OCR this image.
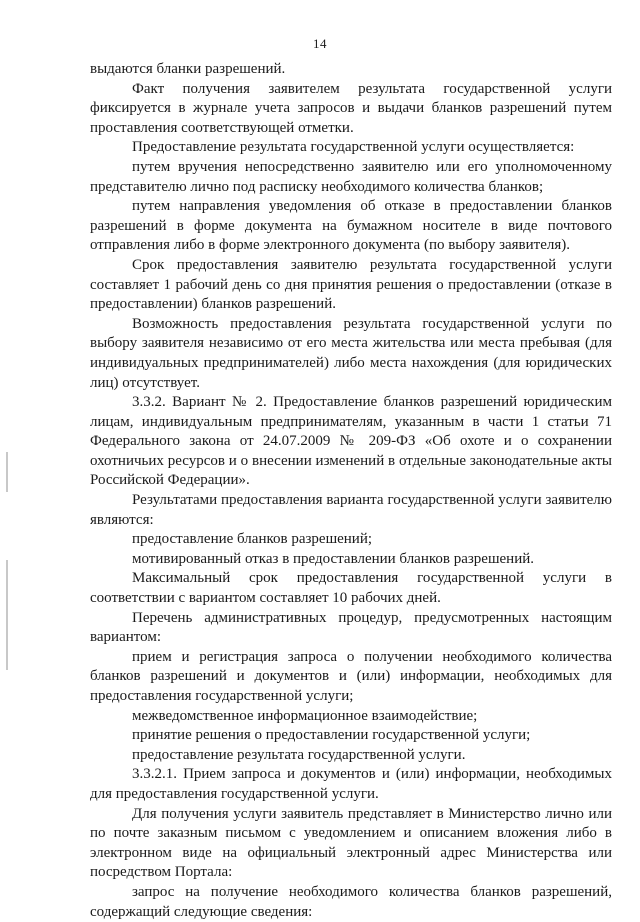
14

выдаются бланки разрешений.

Факт получения заявителем результата государственной услуги фиксируется в журнале учета запросов и выдачи бланков разрешений путем проставления соответствующей отметки.

Предоставление результата государственной услуги осуществляется:

путем вручения непосредственно заявителю или его уполномоченному представителю лично под расписку необходимого количества бланков;

путем направления уведомления об отказе в предоставлении бланков разрешений в форме документа на бумажном носителе в виде почтового отправления либо в форме электронного документа (по выбору заявителя).

Срок предоставления заявителю результата государственной услуги составляет 1 рабочий день со дня принятия решения о предоставлении (отказе в предоставлении) бланков разрешений.

Возможность предоставления результата государственной услуги по выбору заявителя независимо от его места жительства или места пребывая (для индивидуальных предпринимателей) либо места нахождения (для юридических лиц) отсутствует.

3.3.2. Вариант № 2. Предоставление бланков разрешений юридическим лицам, индивидуальным предпринимателям, указанным в части 1 статьи 71 Федерального закона от 24.07.2009 № 209-ФЗ «Об охоте и о сохранении охотничьих ресурсов и о внесении изменений в отдельные законодательные акты Российской Федерации».

Результатами предоставления варианта государственной услуги заявителю являются:

предоставление бланков разрешений;

мотивированный отказ в предоставлении бланков разрешений.

Максимальный срок предоставления государственной услуги в соответствии с вариантом составляет 10 рабочих дней.

Перечень административных процедур, предусмотренных настоящим вариантом:

прием и регистрация запроса о получении необходимого количества бланков разрешений и документов и (или) информации, необходимых для предоставления государственной услуги;

межведомственное информационное взаимодействие;

принятие решения о предоставлении государственной услуги;

предоставление результата государственной услуги.

3.3.2.1. Прием запроса и документов и (или) информации, необходимых для предоставления государственной услуги.

Для получения услуги заявитель представляет в Министерство лично или по почте заказным письмом с уведомлением и описанием вложения либо в электронном виде на официальный электронный адрес Министерства или посредством Портала:

запрос на получение необходимого количества бланков разрешений, содержащий следующие сведения:
